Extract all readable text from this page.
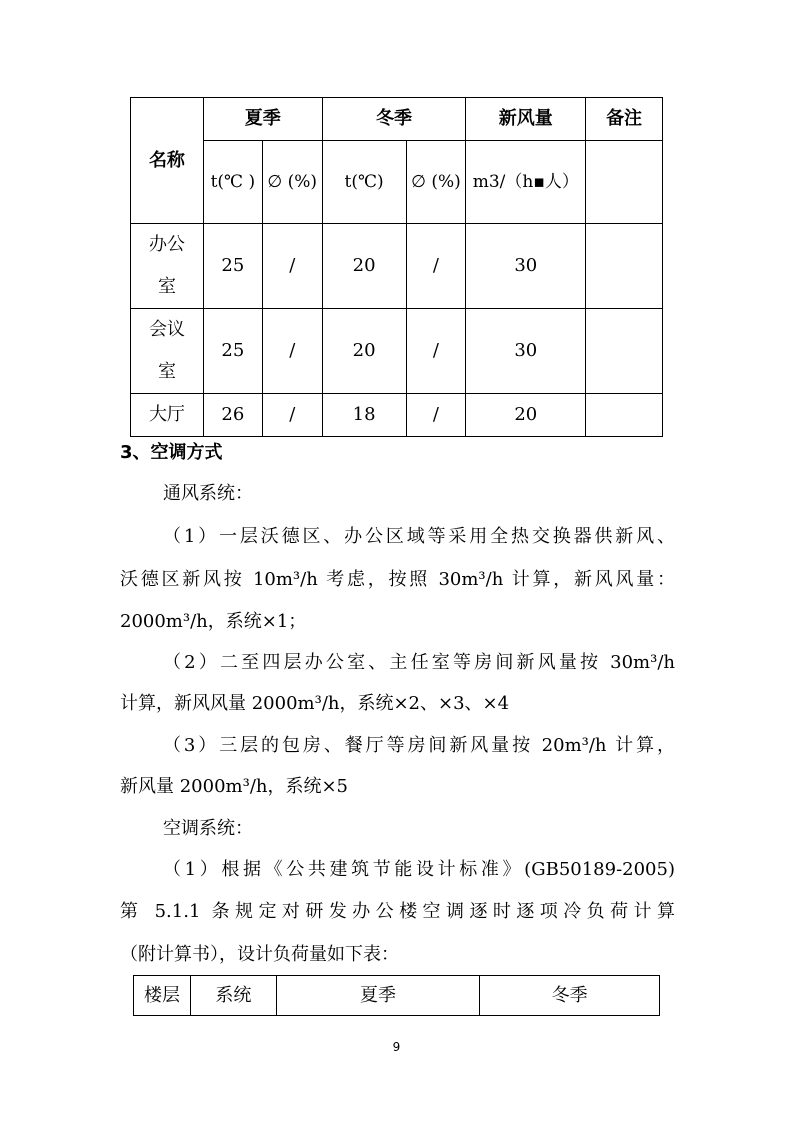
名称	夏季		冬季		新风量	备注
	t(℃ )	∅ (%)	t(℃)	∅ (%)	m3/（h▪人）	
办公室	25	/	20	/	30	
会议室	25	/	20	/	30	
大厅	26	/	18	/	20	
3、空调方式
通风系统：
（1）一层沃德区、办公区域等采用全热交换器供新风、
沃德区新风按 10m³/h 考虑，按照 30m³/h 计算，新风风量：
2000m³/h，系统×1；
（2）二至四层办公室、主任室等房间新风量按 30m³/h
计算，新风风量 2000m³/h，系统×2、×3、×4
（3）三层的包房、餐厅等房间新风量按 20m³/h 计算，
新风量 2000m³/h，系统×5
空调系统：
（1）根据《公共建筑节能设计标准》(GB50189-2005)
第 5.1.1 条规定对研发办公楼空调逐时逐项冷负荷计算
（附计算书），设计负荷量如下表：
楼层	系统	夏季	冬季
9
